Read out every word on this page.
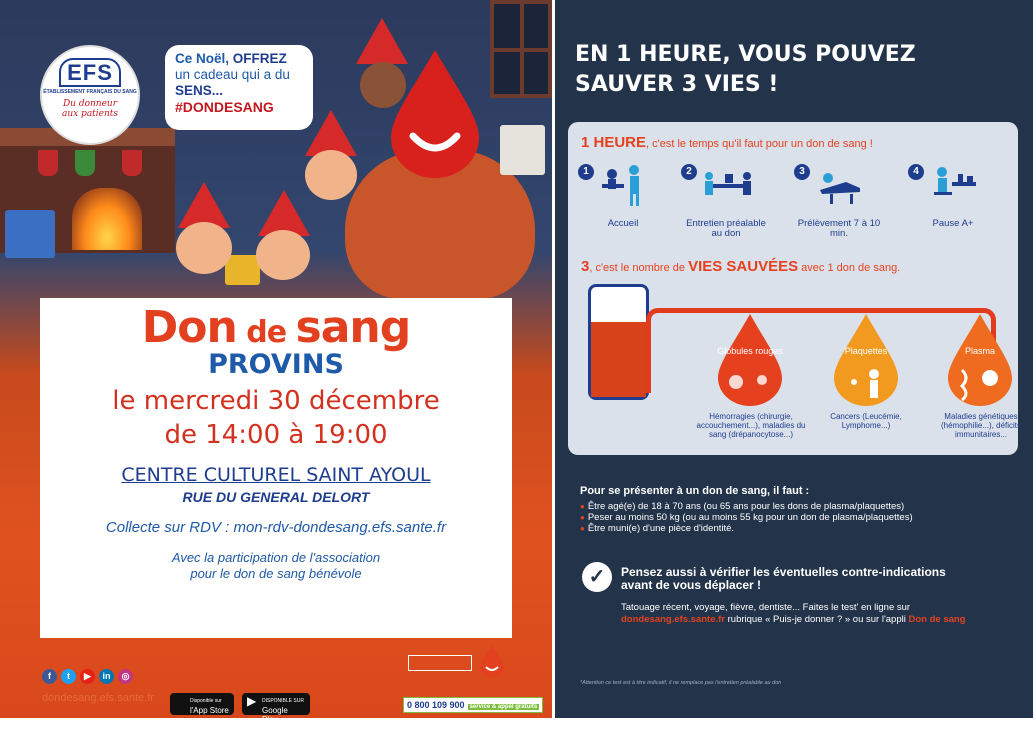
EFS
ÉTABLISSEMENT FRANÇAIS DU SANG
Du donneur
aux patients
Ce Noël, OFFREZ
un cadeau qui a du
SENS...
#DONDESANG
Don de sang
PROVINS
le mercredi 30 décembre
de 14:00 à 19:00
CENTRE CULTUREL SAINT AYOUL
RUE DU GENERAL DELORT
Collecte sur RDV : mon-rdv-dondesang.efs.sante.fr
Avec la participation de l'association
pour le don de sang bénévole
f t ▶ in ◎
dondesang.efs.sante.fr	Disponible sur
l'App Store
▶ DISPONIBLE SUR
Google Play
0 800 109 900 service & appel gratuits
EN 1 HEURE, VOUS POUVEZ
SAUVER 3 VIES !
1 HEURE, c'est le temps qu'il faut pour un don de sang !
1
Accueil
2
Entretien préalable au don
3
Prélèvement 7 à 10 min.
4
Pause A+
3, c'est le nombre de VIES SAUVÉES avec 1 don de sang.
Globules rouges
Hémorragies (chirurgie, accouchement...), maladies du sang (drépanocytose...)
Plaquettes
Cancers (Leucémie, Lymphome...)
Plasma
Maladies génétiques (hémophilie...), déficits immunitaires...
Pour se présenter à un don de sang, il faut :
● Être agé(e) de 18 à 70 ans (ou 65 ans pour les dons de plasma/plaquettes)
● Peser au moins 50 kg (ou au moins 55 kg pour un don de plasma/plaquettes)
● Être muni(e) d'une pièce d'identité.
✓	Pensez aussi à vérifier les éventuelles contre-indications
avant de vous déplacer !
Tatouage récent, voyage, fièvre, dentiste... Faites le test' en ligne sur
dondesang.efs.sante.fr rubrique « Puis-je donner ? » ou sur l'appli Don de sang
*Attention ce test est à titre indicatif, il ne remplace pas l'entretien préalable au don
